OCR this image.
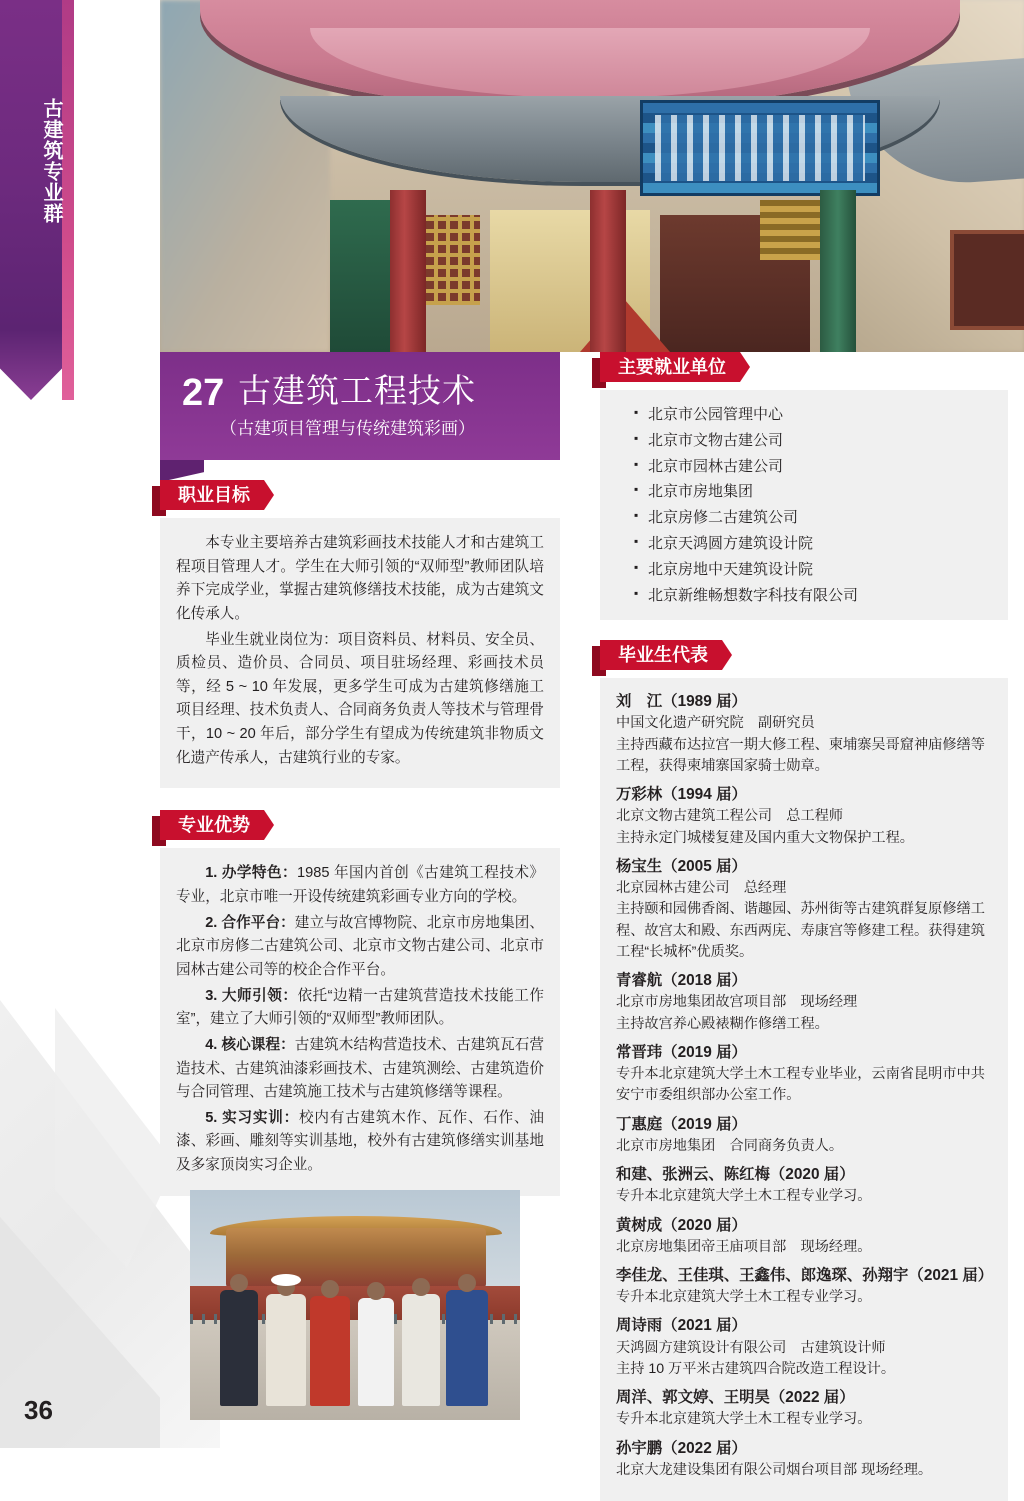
古建筑专业群
27 古建筑工程技术
（古建项目管理与传统建筑彩画）
职业目标

本专业主要培养古建筑彩画技术技能人才和古建筑工程项目管理人才。学生在大师引领的“双师型”教师团队培养下完成学业，掌握古建筑修缮技术技能，成为古建筑文化传承人。

毕业生就业岗位为：项目资料员、材料员、安全员、质检员、造价员、合同员、项目驻场经理、彩画技术员等，经 5 ~ 10 年发展，更多学生可成为古建筑修缮施工项目经理、技术负责人、合同商务负责人等技术与管理骨干，10 ~ 20 年后，部分学生有望成为传统建筑非物质文化遗产传承人，古建筑行业的专家。

专业优势

1. 办学特色：1985 年国内首创《古建筑工程技术》专业，北京市唯一开设传统建筑彩画专业方向的学校。

2. 合作平台：建立与故宫博物院、北京市房地集团、北京市房修二古建筑公司、北京市文物古建公司、北京市园林古建公司等的校企合作平台。

3. 大师引领：依托“边精一古建筑营造技术技能工作室”，建立了大师引领的“双师型”教师团队。

4. 核心课程：古建筑木结构营造技术、古建筑瓦石营造技术、古建筑油漆彩画技术、古建筑测绘、古建筑造价与合同管理、古建筑施工技术与古建筑修缮等课程。

5. 实习实训：校内有古建筑木作、瓦作、石作、油漆、彩画、雕刻等实训基地，校外有古建筑修缮实训基地及多家顶岗实习企业。

主要就业单位
▪ 北京市公园管理中心
▪ 北京市文物古建公司
▪ 北京市园林古建公司
▪ 北京市房地集团
▪ 北京房修二古建筑公司
▪ 北京天鸿圆方建筑设计院
▪ 北京房地中天建筑设计院
▪ 北京新维畅想数字科技有限公司
毕业生代表
刘　江（1989 届）
中国文化遗产研究院　副研究员
主持西藏布达拉宫一期大修工程、柬埔寨吴哥窟神庙修缮等工程，获得柬埔寨国家骑士勋章。
万彩林（1994 届）
北京文物古建筑工程公司　总工程师
主持永定门城楼复建及国内重大文物保护工程。
杨宝生（2005 届）
北京园林古建公司　总经理
主持颐和园佛香阁、谐趣园、苏州街等古建筑群复原修缮工程、故宫太和殿、东西两庑、寿康宫等修建工程。获得建筑工程“长城杯”优质奖。
青睿航（2018 届）
北京市房地集团故宫项目部　现场经理
主持故宫养心殿裱糊作修缮工程。
常晋玮（2019 届）
专升本北京建筑大学土木工程专业毕业，云南省昆明市中共安宁市委组织部办公室工作。
丁惠庭（2019 届）
北京市房地集团　合同商务负责人。
和建、张洲云、陈红梅（2020 届）
专升本北京建筑大学土木工程专业学习。
黄树成（2020 届）
北京房地集团帝王庙项目部　现场经理。
李佳龙、王佳琪、王鑫伟、郎逸琛、孙翔宇（2021 届）
专升本北京建筑大学土木工程专业学习。
周诗雨（2021 届）
天鸿圆方建筑设计有限公司　古建筑设计师
主持 10 万平米古建筑四合院改造工程设计。
周洋、郭文婷、王明昊（2022 届）
专升本北京建筑大学土木工程专业学习。
孙宇鹏（2022 届）
北京大龙建设集团有限公司烟台项目部 现场经理。
36
